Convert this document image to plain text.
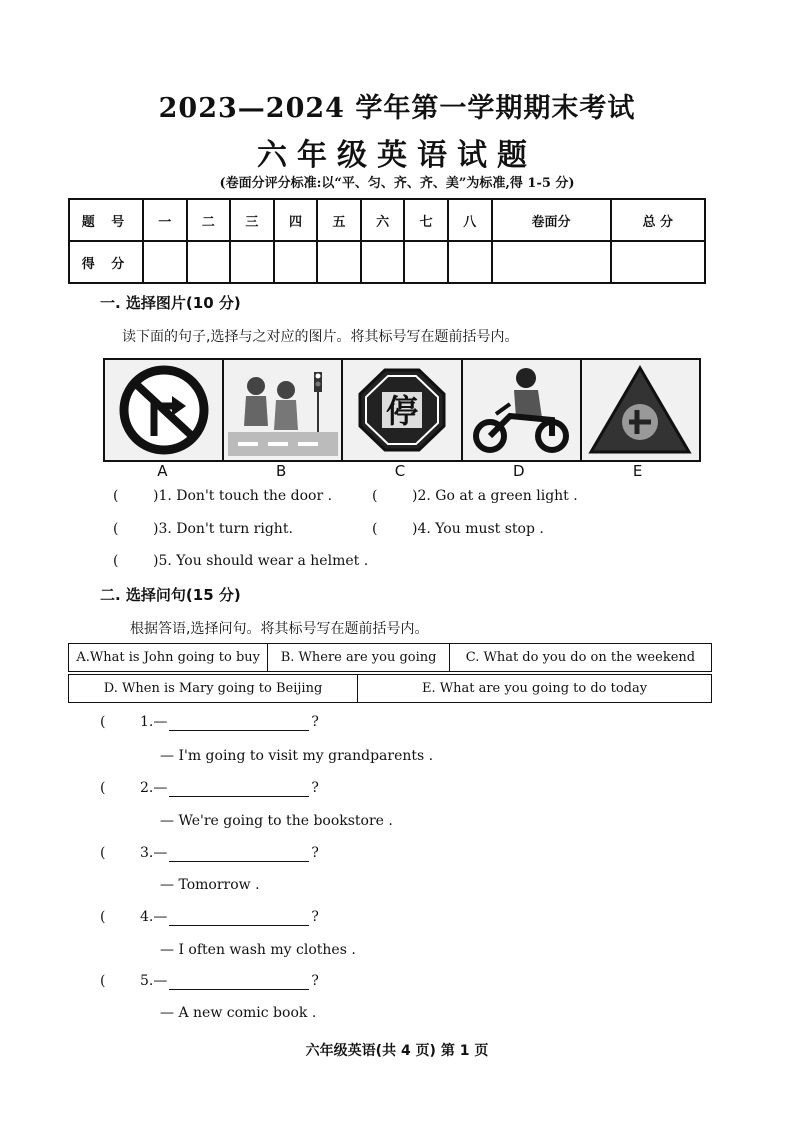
2023—2024 学年第一学期期末考试
六年级英语试题
(卷面分评分标准:以“平、匀、齐、齐、美”为标准,得 1-5 分)
题 号	一	二	三	四	五	六	七	八	卷面分	总 分
得 分										
一. 选择图片(10 分)
读下面的句子,选择与之对应的图片。将其标号写在题前括号内。
停
A	B	C	D	E
( )1. Don't touch the door .	( )2. Go at a green light .
( )3. Don't turn right.	( )4. You must stop .
( )5. You should wear a helmet .
二. 选择问句(15 分)
根据答语,选择问句。将其标号写在题前括号内。
A.What is John going to buy	B. Where are you going	C. What do you do on the weekend
D. When is Mary going to Beijing	E. What are you going to do today
( 1.—	?
— I'm going to visit my grandparents .
( 2.—	?
— We're going to the bookstore .
( 3.—	?
— Tomorrow .
( 4.—	?
— I often wash my clothes .
( 5.—	?
— A new comic book .
六年级英语(共 4 页) 第 1 页
